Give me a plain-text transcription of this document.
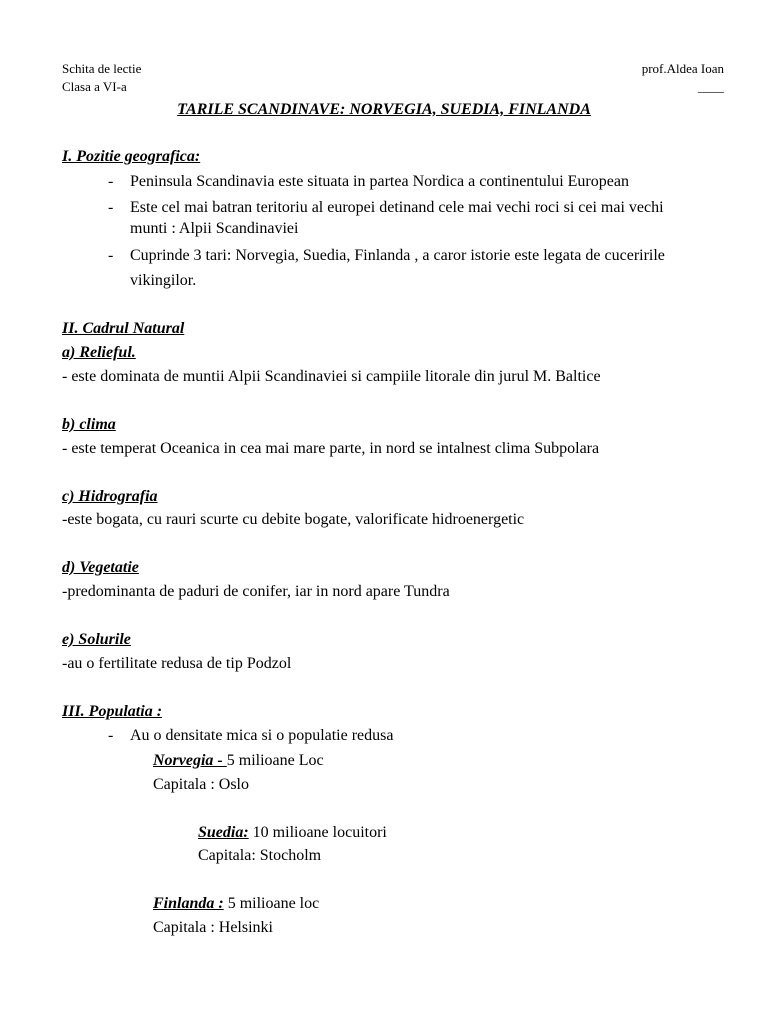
Schita de lectie
Clasa a VI-a
prof.Aldea Ioan
____
TARILE SCANDINAVE: NORVEGIA, SUEDIA, FINLANDA
I. Pozitie geografica:
- Peninsula Scandinavia este situata in partea Nordica a continentului European
- Este cel mai batran teritoriu al europei detinand cele mai vechi roci si cei mai vechi
munti : Alpii Scandinaviei
- Cuprinde 3 tari: Norvegia, Suedia, Finlanda , a caror istorie este legata de cuceririle
vikingilor.
II. Cadrul Natural
a) Relieful.
- este dominata de muntii Alpii Scandinaviei si campiile litorale din jurul M. Baltice
b) clima
- este temperat Oceanica in cea mai mare parte, in nord se intalnest clima Subpolara
c) Hidrografia
-este bogata, cu rauri scurte cu debite bogate, valorificate hidroenergetic
d) Vegetatie
-predominanta de paduri de conifer, iar in nord apare Tundra
e) Solurile
-au o fertilitate redusa de tip Podzol
III. Populatia :
- Au o densitate mica si o populatie redusa
Norvegia - 5 milioane Loc
Capitala : Oslo
Suedia: 10 milioane locuitori
Capitala: Stocholm
Finlanda : 5 milioane loc
Capitala : Helsinki
